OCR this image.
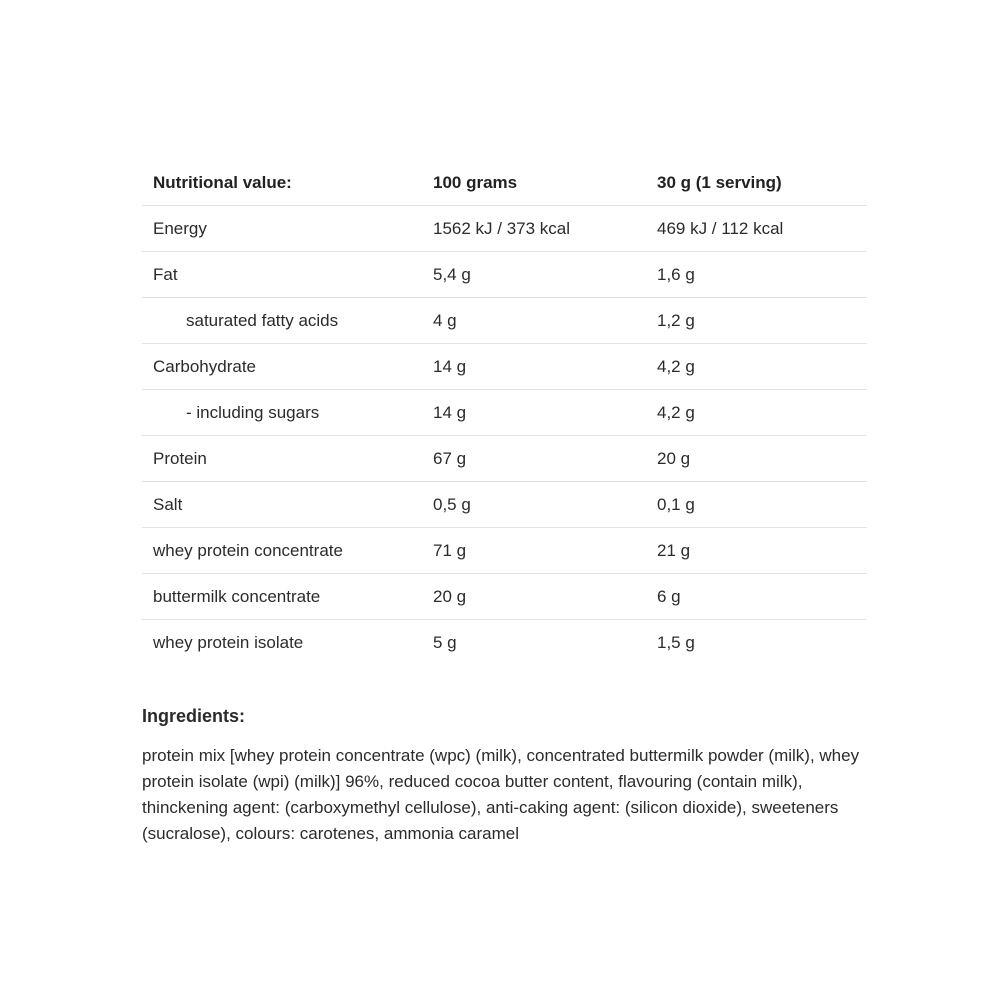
Nutritional value:	100 grams	30 g (1 serving)
Energy	1562 kJ / 373 kcal	469 kJ / 112 kcal
Fat	5,4 g	1,6 g
saturated fatty acids	4 g	1,2 g
Carbohydrate	14 g	4,2 g
- including sugars	14 g	4,2 g
Protein	67 g	20 g
Salt	0,5 g	0,1 g
whey protein concentrate	71 g	21 g
buttermilk concentrate	20 g	6 g
whey protein isolate	5 g	1,5 g
Ingredients:

protein mix [whey protein concentrate (wpc) (milk), concentrated buttermilk powder (milk), whey protein isolate (wpi) (milk)] 96%, reduced cocoa butter content, flavouring (contain milk), thinckening agent: (carboxymethyl cellulose), anti-caking agent: (silicon dioxide), sweeteners (sucralose), colours: carotenes, ammonia caramel
